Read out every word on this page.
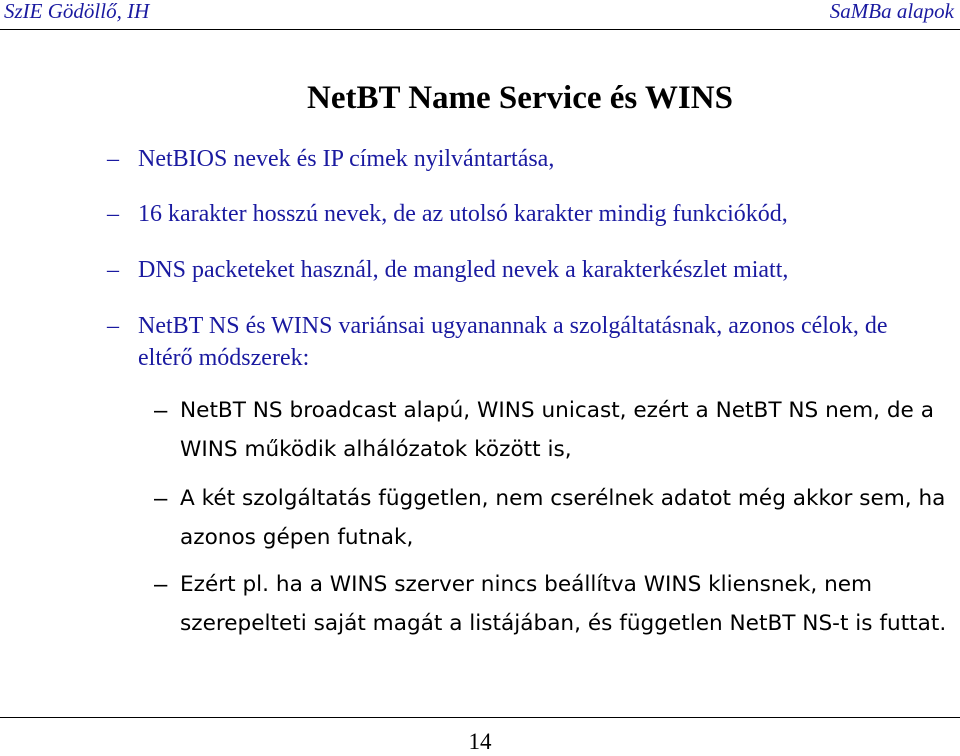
SzIE Gödöllő, IH	SaMBa alapok
NetBT Name Service és WINS
– NetBIOS nevek és IP címek nyilvántartása,
– 16 karakter hosszú nevek, de az utolsó karakter mindig funkciókód,
– DNS packeteket használ, de mangled nevek a karakterkészlet miatt,
– NetBT NS és WINS variánsai ugyanannak a szolgáltatásnak, azonos célok, de eltérő módszerek:
– NetBT NS broadcast alapú, WINS unicast, ezért a NetBT NS nem, de a WINS működik alhálózatok között is,
– A két szolgáltatás független, nem cserélnek adatot még akkor sem, ha azonos gépen futnak,
– Ezért pl. ha a WINS szerver nincs beállítva WINS kliensnek, nem szerepelteti saját magát a listájában, és független NetBT NS-t is futtat.
14
